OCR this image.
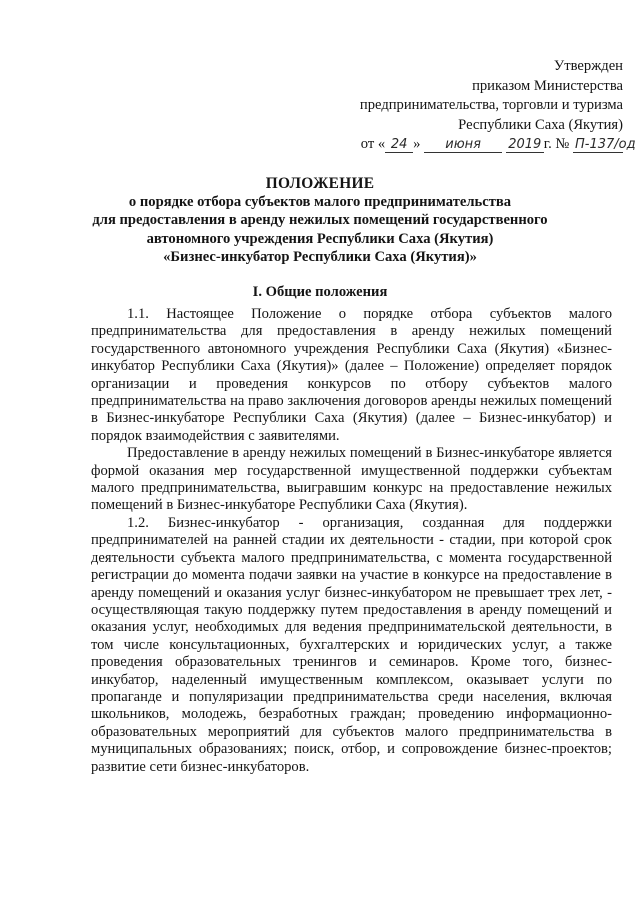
Утвержден
приказом Министерства
предпринимательства, торговли и туризма
Республики Саха (Якутия)
от « 24 » июня 2019 г. № П-137/од
ПОЛОЖЕНИЕ
о порядке отбора субъектов малого предпринимательства
для предоставления в аренду нежилых помещений государственного
автономного учреждения Республики Саха (Якутия)
«Бизнес-инкубатор Республики Саха (Якутия)»
I. Общие положения

1.1. Настоящее Положение о порядке отбора субъектов малого предпринимательства для предоставления в аренду нежилых помещений государственного автономного учреждения Республики Саха (Якутия) «Бизнес-инкубатор Республики Саха (Якутия)» (далее – Положение) определяет порядок организации и проведения конкурсов по отбору субъектов малого предпринимательства на право заключения договоров аренды нежилых помещений в Бизнес-инкубаторе Республики Саха (Якутия) (далее – Бизнес-инкубатор) и порядок взаимодействия с заявителями.

Предоставление в аренду нежилых помещений в Бизнес-инкубаторе является формой оказания мер государственной имущественной поддержки субъектам малого предпринимательства, выигравшим конкурс на предоставление нежилых помещений в Бизнес-инкубаторе Республики Саха (Якутия).

1.2. Бизнес-инкубатор - организация, созданная для поддержки предпринимателей на ранней стадии их деятельности - стадии, при которой срок деятельности субъекта малого предпринимательства, с момента государственной регистрации до момента подачи заявки на участие в конкурсе на предоставление в аренду помещений и оказания услуг бизнес-инкубатором не превышает трех лет, - осуществляющая такую поддержку путем предоставления в аренду помещений и оказания услуг, необходимых для ведения предпринимательской деятельности, в том числе консультационных, бухгалтерских и юридических услуг, а также проведения образовательных тренингов и семинаров. Кроме того, бизнес-инкубатор, наделенный имущественным комплексом, оказывает услуги по пропаганде и популяризации предпринимательства среди населения, включая школьников, молодежь, безработных граждан; проведению информационно-образовательных мероприятий для субъектов малого предпринимательства в муниципальных образованиях; поиск, отбор, и сопровождение бизнес-проектов; развитие сети бизнес-инкубаторов.
